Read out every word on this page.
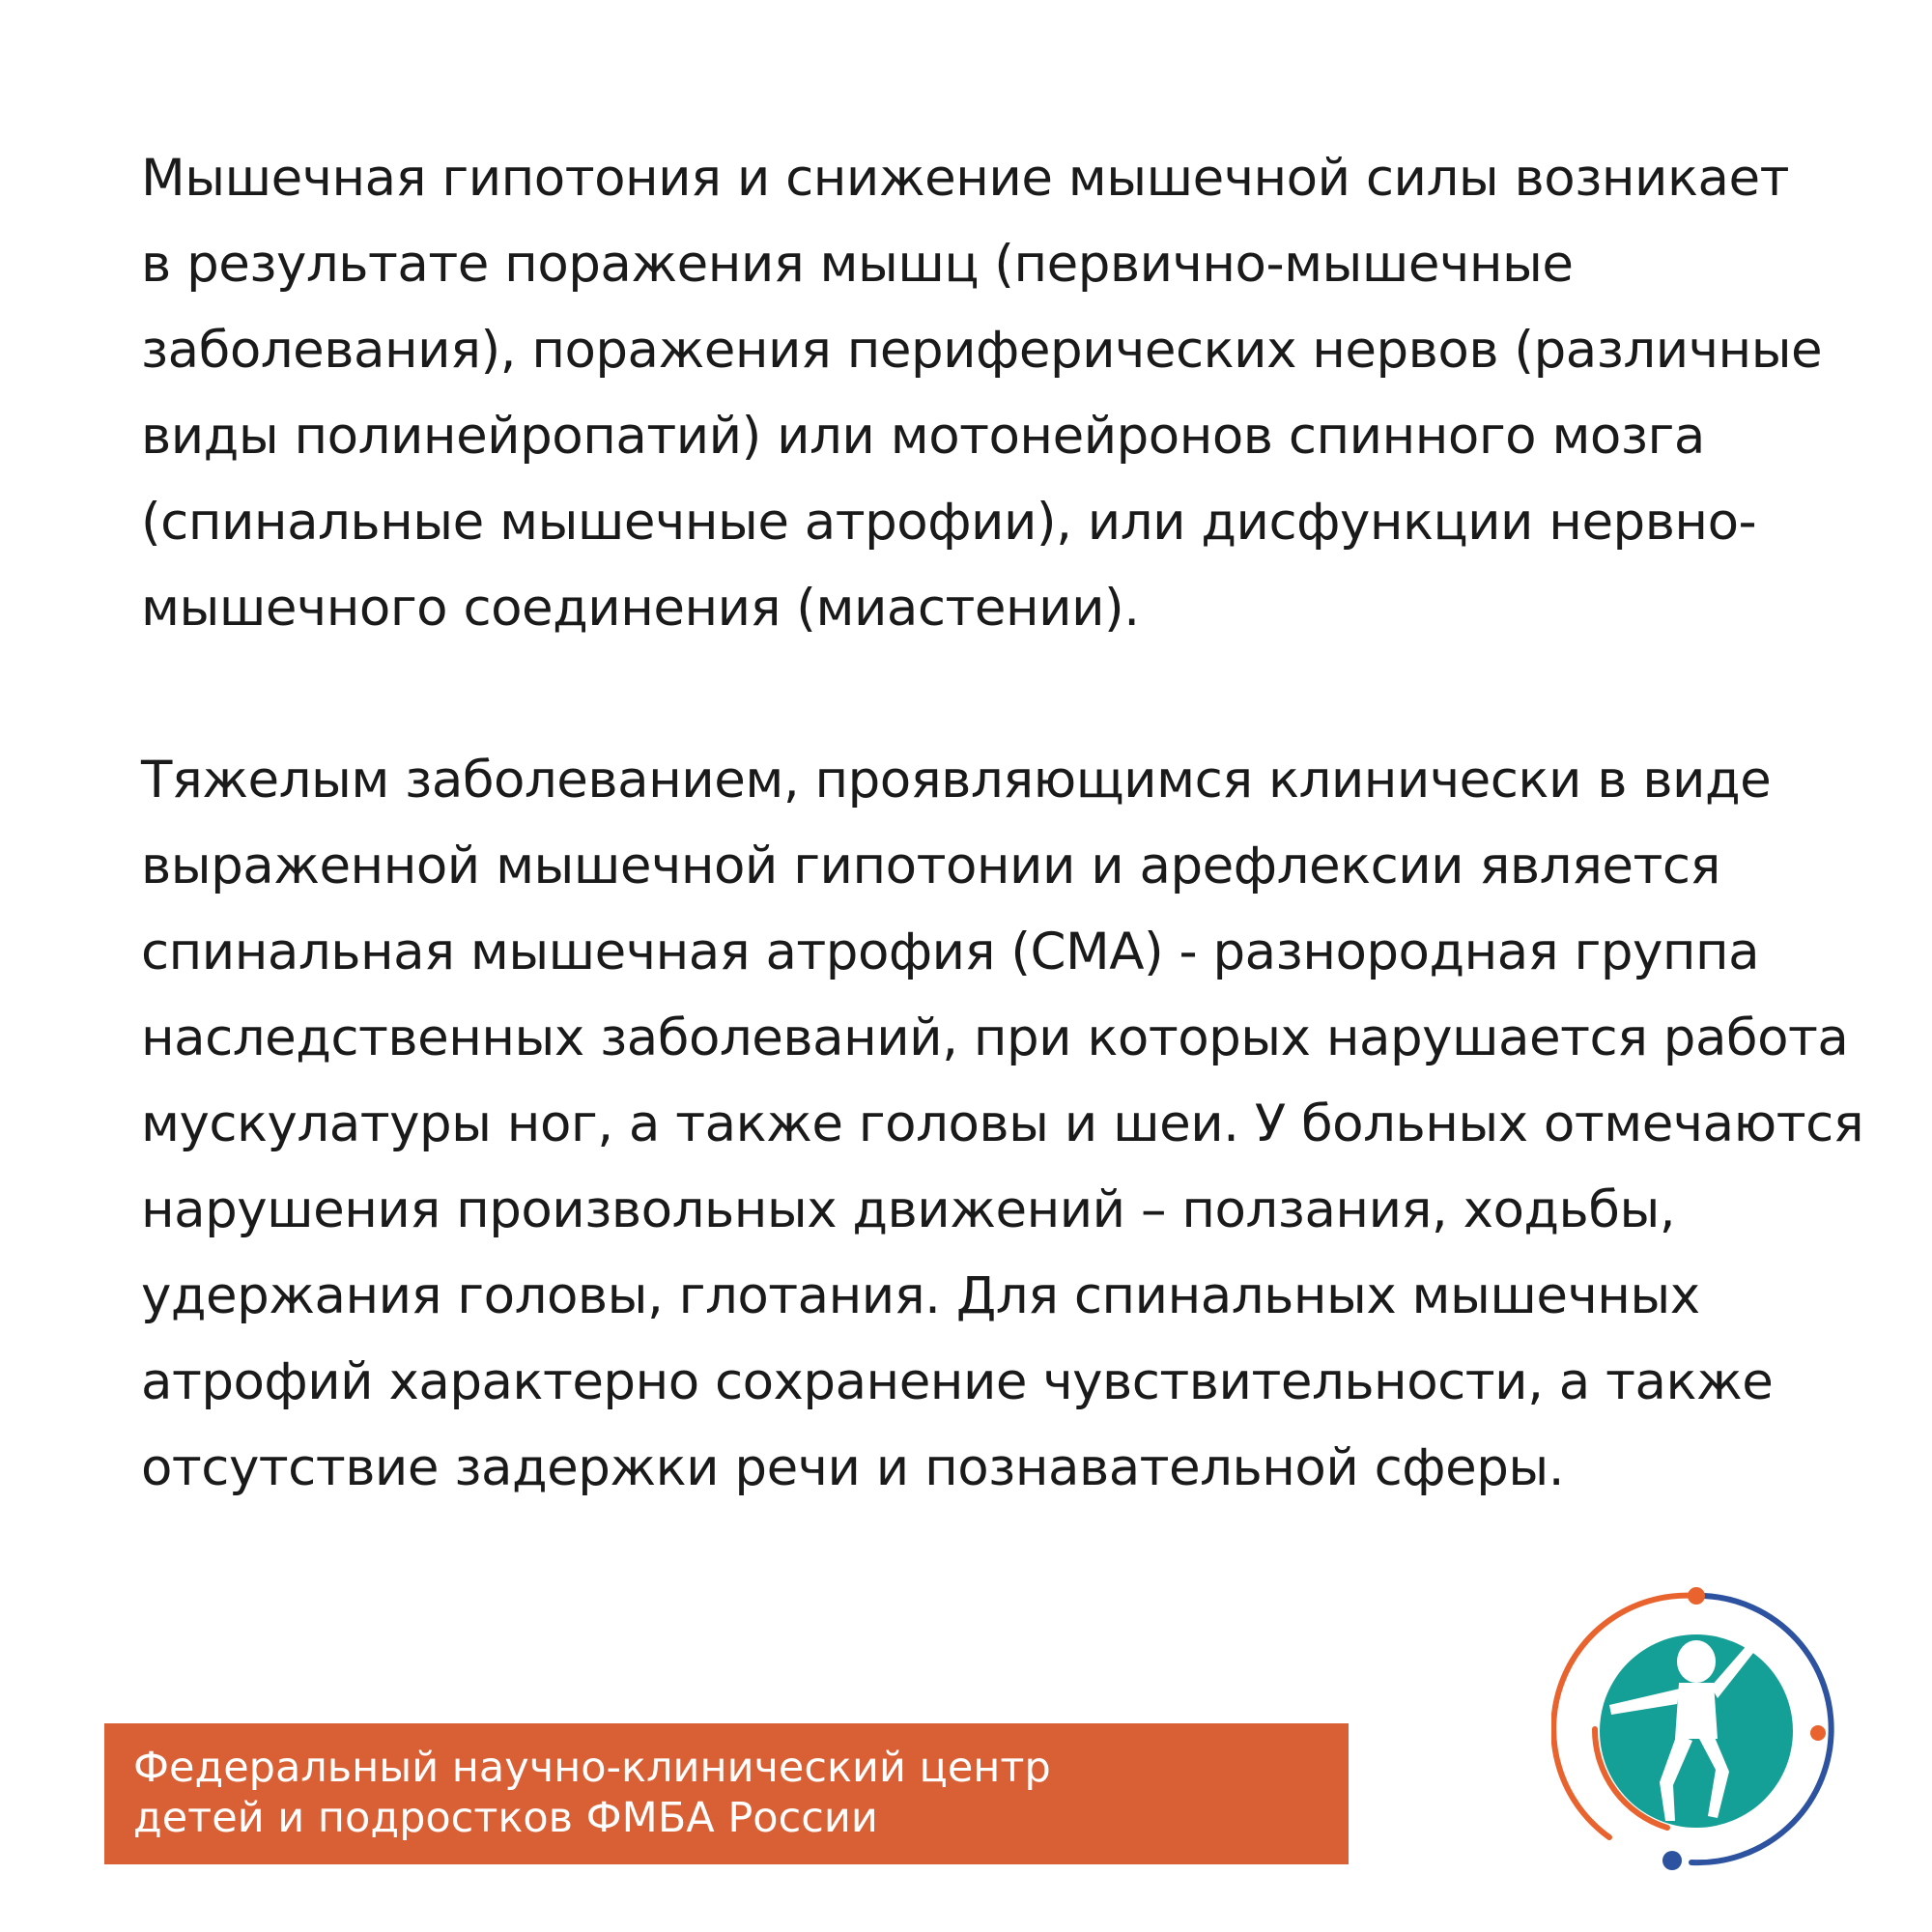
Мышечная гипотония и снижение мышечной силы возникает
в результате поражения мышц (первично-мышечные
заболевания), поражения периферических нервов (различные
виды полинейропатий) или мотонейронов спинного мозга
(спинальные мышечные атрофии), или дисфункции нервно-
мышечного соединения (миастении).
Тяжелым заболеванием, проявляющимся клинически в виде
выраженной мышечной гипотонии и арефлексии является
спинальная мышечная атрофия (СМА) - разнородная группа
наследственных заболеваний, при которых нарушается работа
мускулатуры ног, а также головы и шеи. У больных отмечаются
нарушения произвольных движений – ползания, ходьбы,
удержания головы, глотания. Для спинальных мышечных
атрофий характерно сохранение чувствительности, а также
отсутствие задержки речи и познавательной сферы.
Федеральный научно-клинический центр
детей и подростков ФМБА России
